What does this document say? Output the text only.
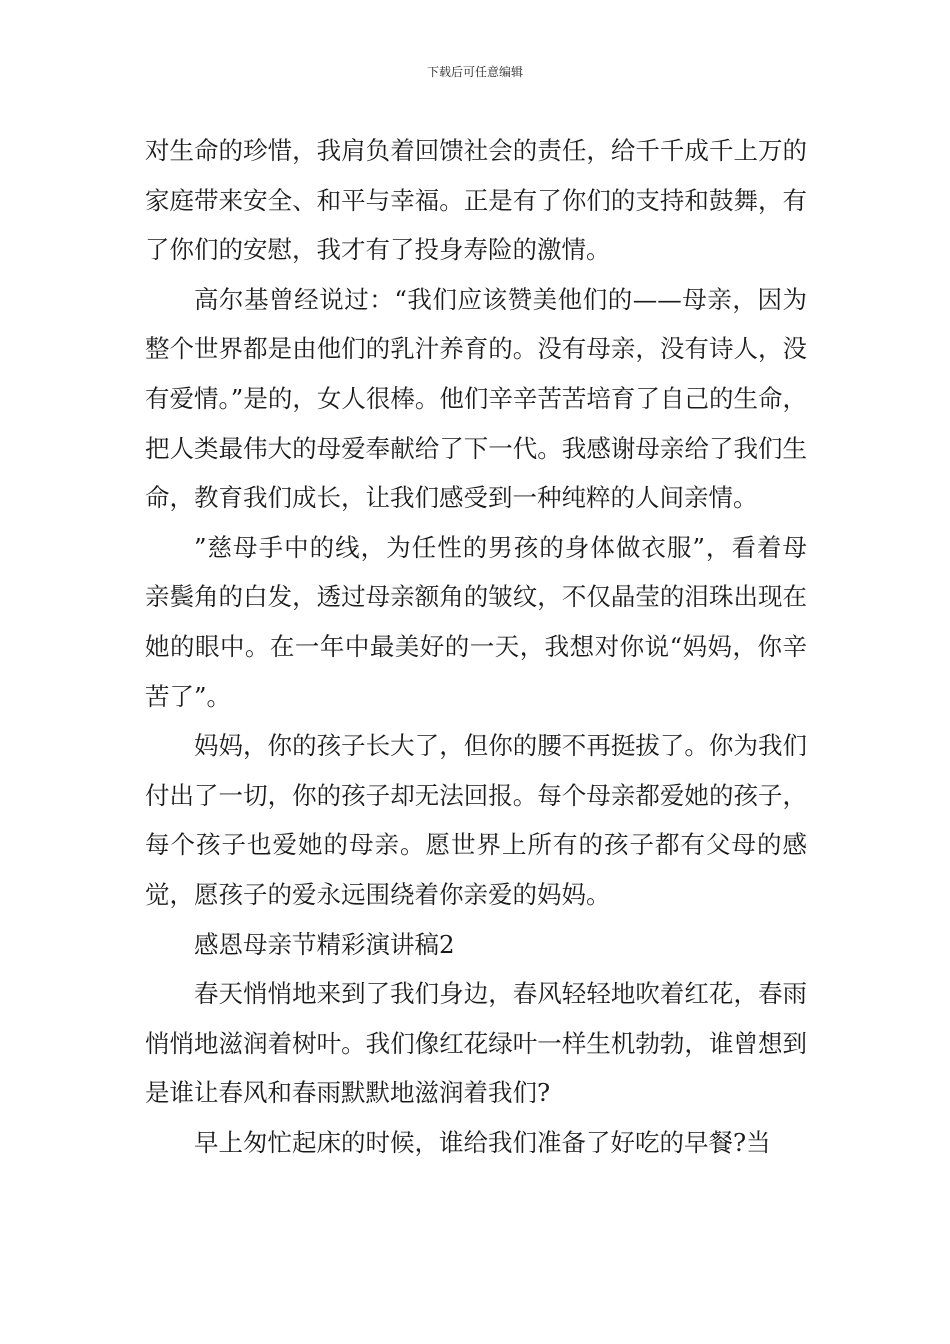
下载后可任意编辑

对生命的珍惜，我肩负着回馈社会的责任，给千千成千上万的家庭带来安全、和平与幸福。正是有了你们的支持和鼓舞，有了你们的安慰，我才有了投身寿险的激情。

高尔基曾经说过：“我们应该赞美他们的——母亲，因为整个世界都是由他们的乳汁养育的。没有母亲，没有诗人，没有爱情。”是的，女人很棒。他们辛辛苦苦培育了自己的生命，把人类最伟大的母爱奉献给了下一代。我感谢母亲给了我们生命，教育我们成长，让我们感受到一种纯粹的人间亲情。

”慈母手中的线，为任性的男孩的身体做衣服”，看着母亲鬓角的白发，透过母亲额角的皱纹，不仅晶莹的泪珠出现在她的眼中。在一年中最美好的一天，我想对你说“妈妈，你辛苦了”。

妈妈，你的孩子长大了，但你的腰不再挺拔了。你为我们付出了一切，你的孩子却无法回报。每个母亲都爱她的孩子，每个孩子也爱她的母亲。愿世界上所有的孩子都有父母的感觉，愿孩子的爱永远围绕着你亲爱的妈妈。

感恩母亲节精彩演讲稿2

春天悄悄地来到了我们身边，春风轻轻地吹着红花，春雨悄悄地滋润着树叶。我们像红花绿叶一样生机勃勃，谁曾想到是谁让春风和春雨默默地滋润着我们?

早上匆忙起床的时候，谁给我们准备了好吃的早餐?当
